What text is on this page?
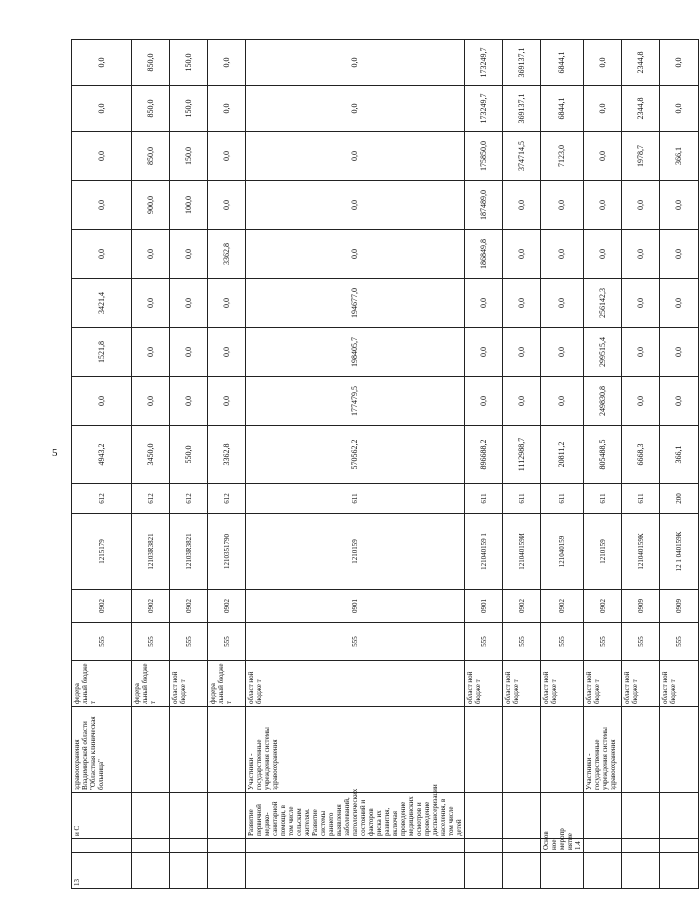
5
13		и С	здравоохранения Владимирской области "Областная клиническая больница"	федера льный бюдже т	555	0902	1215179	612	4943,2	0,0	1521,8	3421,4	0,0	0,0	0,0	0,0	0,0
				федера льный бюдже т	555	0902	12103R3821	612	3450,0	0,0	0,0	0,0	0,0	900,0	850,0	850,0	850,0
				област ной бюдже т	555	0902	12103R3821	612	550,0	0,0	0,0	0,0	0,0	100,0	150,0	150,0	150,0
				федера льный бюдже т	555	0902	1210351790	612	3362,8	0,0	0,0	0,0	3362,8	0,0	0,0	0,0	0,0
		Развитие первичной медико-санитарной помощи, в том числе сельским жителям. Развитие системы раннего выявления заболеваний, патологических состояний и факторов риска их развития, включая проведение медицинских осмотров и проведение диспансеризации населения, в том числе детей	Участники - государственные учреждения системы здравоохранения	област ной бюдже т	555	0901	1210159	611	570562,2	177479,5	198405,7	194677,0	0,0	0,0	0,0	0,0	0,0
				област ной бюдже т	555	0901	121040159 1	611	896688,2	0,0	0,0	0,0	186849,8	187489,0	175850,0	173249,7	173249,7
				област ной бюдже т	555	0902	121040159И	611	1112988,7	0,0	0,0	0,0	0,0	0,0	374714,5	369137,1	369137,1
	Основ ное меропр иятие 1.4			област ной бюдже т	555	0902	121040159	611	20811,2	0,0	0,0	0,0	0,0	0,0	7123,0	6844,1	6844,1
			Участники - государственные учреждения системы здравоохранения	област ной бюдже т	555	0902	1210159	611	805488,5	249830,8	299515,4	256142,3	0,0	0,0	0,0	0,0	0,0
				област ной бюдже т	555	0909	121040159К	611	6668,3	0,0	0,0	0,0	0,0	0,0	1978,7	2344,8	2344,8
				област ной бюдже т	555	0909	12 1 040159К	200	366,1	0,0	0,0	0,0	0,0	0,0	366,1	0,0	0,0
